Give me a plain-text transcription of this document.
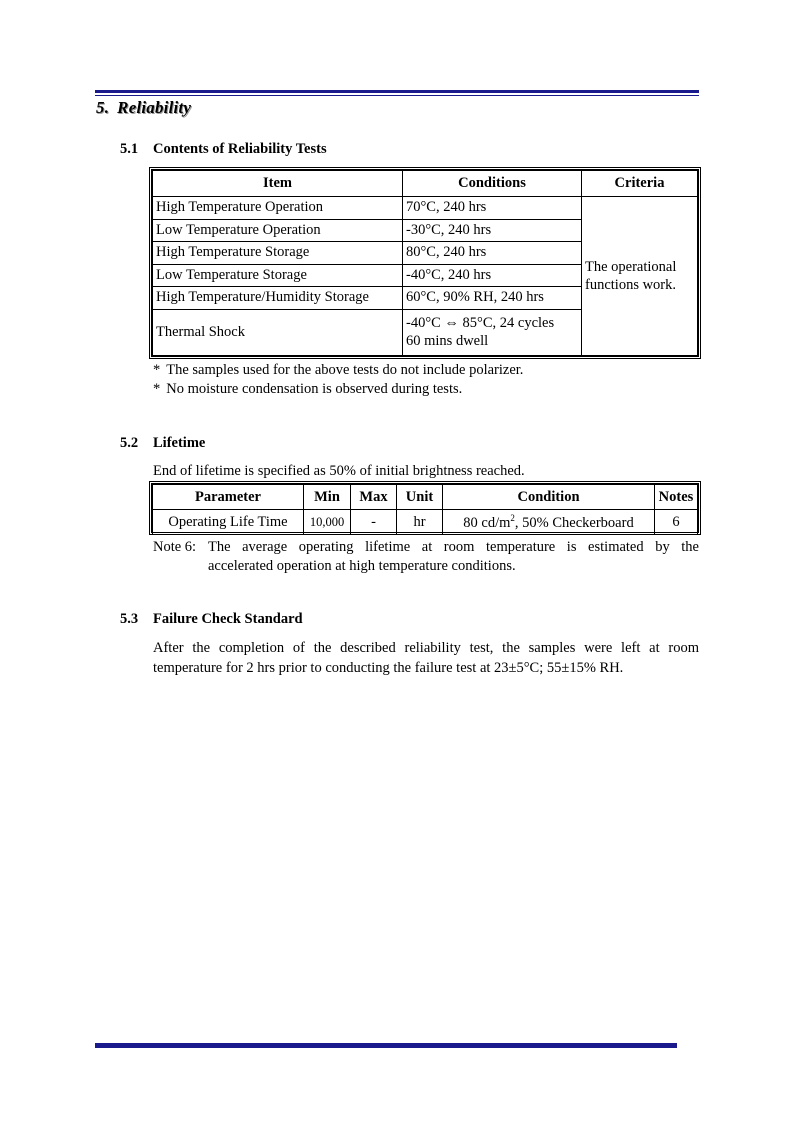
5. Reliability
5.1 Contents of Reliability Tests
Item	Conditions	Criteria
High Temperature Operation	70°C, 240 hrs	The operational
functions work.
Low Temperature Operation	-30°C, 240 hrs	
High Temperature Storage	80°C, 240 hrs	
Low Temperature Storage	-40°C, 240 hrs	
High Temperature/Humidity Storage	60°C, 90% RH, 240 hrs	
Thermal Shock	-40°C ⇔ 85°C, 24 cycles
60 mins dwell	
* The samples used for the above tests do not include polarizer.
* No moisture condensation is observed during tests.
5.2 Lifetime
End of lifetime is specified as 50% of initial brightness reached.
Parameter	Min	Max	Unit	Condition	Notes
Operating Life Time	10,000	-	hr	80 $cd/m^2$, 50% Checkerboard	6
Note 6: The average operating lifetime at room temperature is estimated by the
accelerated operation at high temperature conditions.
5.3 Failure Check Standard
After the completion of the described reliability test, the samples were left at room temperature for 2 hrs prior to conducting the failure test at 23±5°C; 55±15% RH.
